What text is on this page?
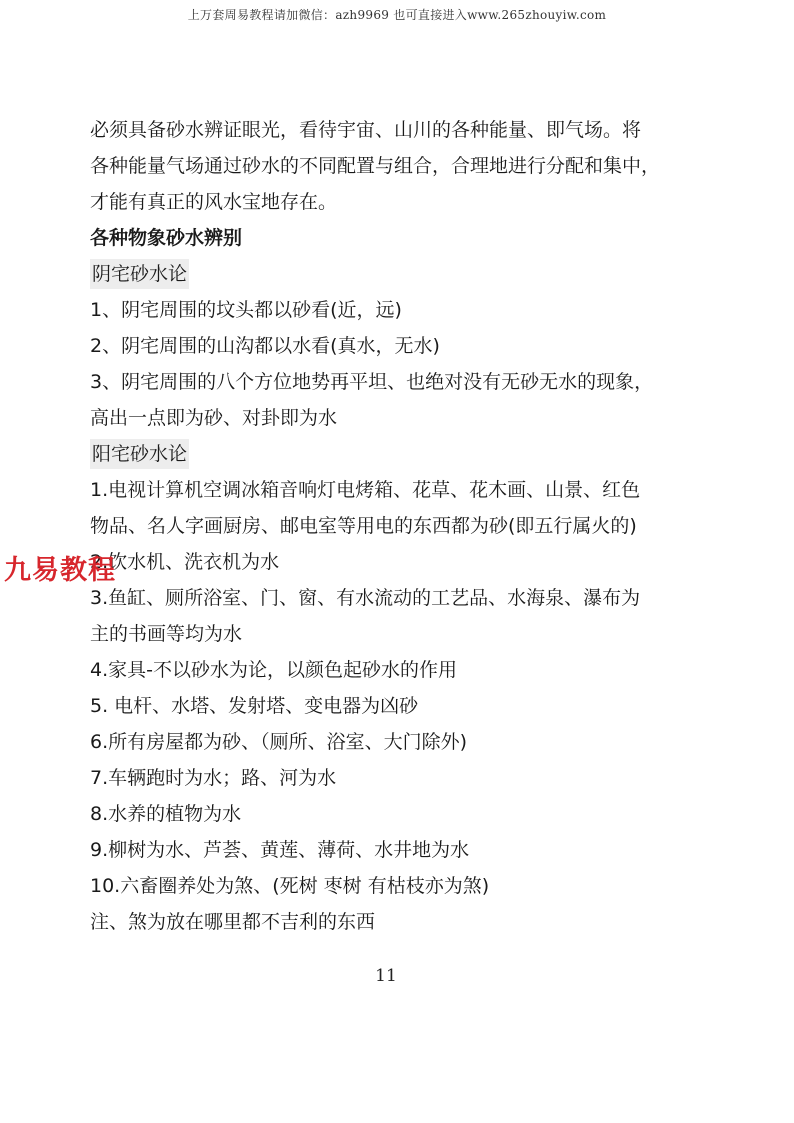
上万套周易教程请加微信：azh9969 也可直接进入www.265zhouyiw.com
必须具备砂水辨证眼光，看待宇宙、山川的各种能量、即气场。将
各种能量气场通过砂水的不同配置与组合，合理地进行分配和集中，
才能有真正的风水宝地存在。
各种物象砂水辨别
阴宅砂水论
1、阴宅周围的坟头都以砂看(近，远)
2、阴宅周围的山沟都以水看(真水，无水)
3、阴宅周围的八个方位地势再平坦、也绝对没有无砂无水的现象，
高出一点即为砂、对卦即为水
阳宅砂水论
1.电视计算机空调冰箱音响灯电烤箱、花草、花木画、山景、红色
物品、名人字画厨房、邮电室等用电的东西都为砂(即五行属火的)
2.饮水机、洗衣机为水
3.鱼缸、厕所浴室、门、窗、有水流动的工艺品、水海泉、瀑布为
主的书画等均为水
4.家具-不以砂水为论，以颜色起砂水的作用
5. 电杆、水塔、发射塔、变电器为凶砂
6.所有房屋都为砂、（厕所、浴室、大门除外)
7.车辆跑时为水；路、河为水
8.水养的植物为水
9.柳树为水、芦荟、黄莲、薄荷、水井地为水
10.六畜圈养处为煞、(死树 枣树 有枯枝亦为煞)
注、煞为放在哪里都不吉利的东西
九易教程
11
